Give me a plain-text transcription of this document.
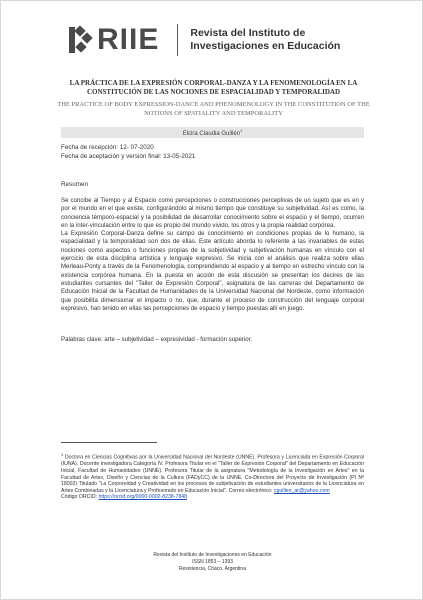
RIIE	Revista del Instituto de
Investigaciones en Educación
LA PRÁCTICA DE LA EXPRESIÓN CORPORAL-DANZA Y LA FENOMENOLOGÍA EN LA CONSTITUCIÓN DE LAS NOCIONES DE ESPACIALIDAD Y TEMPORALIDAD
THE PRACTICE OF BODY EXPRESSION-DANCE AND PHENOMENOLOGY IN THE CONSTITUTION OF THE NOTIONS OF SPATIALITY AND TEMPORALITY
Elcira Claudia Guillén$^1$
Fecha de recepción: 12- 07-2020
Fecha de aceptación y versión final: 13-05-2021
Resumen

Se concibe al Tiempo y al Espacio como percepciones o construcciones perceptivas de un sujeto que es en y por el mundo en el que existe, configurándolo al mismo tiempo que constituye su subjetividad. Así es como, la conciencia témporo-espacial y la posibilidad de desarrollar conocimiento sobre el espacio y el tiempo, ocurren en la inter-vinculación entre lo que es propio del mundo vivido, los otros y la propia realidad corpórea.

La Expresión Corporal-Danza define su campo de conocimiento en condiciones propias de lo humano, la espacialidad y la temporalidad son dos de ellas. Este artículo aborda lo referente a las invariables de estas nociones como aspectos o funciones propias de la subjetividad y subjetivación humanas en vínculo con el ejercicio de esta disciplina artística y lenguaje expresivo. Se inicia con el análisis que realiza sobre ellas Merleau-Ponty a través de la Fenomenología, comprendiendo al espacio y al tiempo en estrecho vínculo con la existencia corpórea humana. En la puesta en acción de esta discusión se presentan los decires de las estudiantes cursantes del "Taller de Expresión Corporal", asignatura de las carreras del Departamento de Educación Inicial de la Facultad de Humanidades de la Universidad Nacional del Nordeste, como información que posibilita dimensionar el impacto o no, que, durante el proceso de construcción del lenguaje corporal expresivo, han tenido en ellas las percepciones de espacio y tiempo puestas allí en juego.

Palabras clave: arte – subjetividad – expresividad - formación superior.
$^1$ Doctora en Ciencias Cognitivas por la Universidad Nacional del Nordeste (UNNE). Profesora y Licenciada en Expresión Corporal (IUNA). Docente investigadora Categoría IV. Profesora Titular en el "Taller de Expresión Corporal" del Departamento en Educación Inicial, Facultad de Humanidades (UNNE). Profesora Titular de la asignatura "Metodología de la Investigación en Artes" en la Facultad de Artes, Diseño y Ciencias de la Cultura (FADyCC) de la UNNE. Co-Directora del Proyecto de Investigación (PI Nº 18002) Titulado "La Corporeidad y Creatividad en los procesos de subjetivación de estudiantes universitarios de la Licenciatura en Artes Combinadas y la Licenciatura y Profesorado en Educación Inicial". Correo electrónico: cguillen_ar@yahoo.com
Código ORCID: https://orcid.org/0000-0002-8238-7848
Revista del Instituto de Investigaciones en Educación
ISSN 1853 – 1393
Resistencia, Chaco. Argentina
